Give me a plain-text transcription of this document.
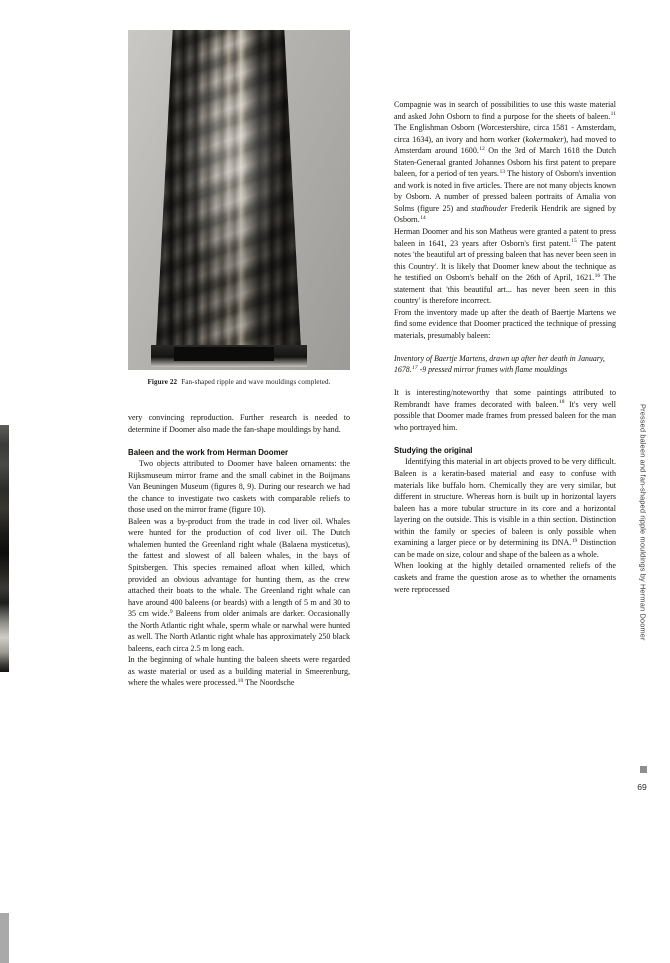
Figure 22 Fan-shaped ripple and wave mouldings completed.

very convincing reproduction. Further research is needed to determine if Doomer also made the fan-shape mouldings by hand.

Baleen and the work from Herman Doomer

Two objects attributed to Doomer have baleen ornaments: the Rijksmuseum mirror frame and the small cabinet in the Boijmans Van Beuningen Museum (figures 8, 9). During our research we had the chance to investigate two caskets with comparable reliefs to those used on the mirror frame (figure 10).

Baleen was a by-product from the trade in cod liver oil. Whales were hunted for the production of cod liver oil. The Dutch whalemen hunted the Greenland right whale (Balaena mysticetus), the fattest and slowest of all baleen whales, in the bays of Spitsbergen. This species remained afloat when killed, which provided an obvious advantage for hunting them, as the crew attached their boats to the whale. The Greenland right whale can have around 400 baleens (or beards) with a length of 5 m and 30 to 35 cm wide.$^9$ Baleens from older animals are darker. Occasionally the North Atlantic right whale, sperm whale or narwhal were hunted as well. The North Atlantic right whale has approximately 250 black baleens, each circa 2.5 m long each.

In the beginning of whale hunting the baleen sheets were regarded as waste material or used as a building material in Smeerenburg, where the whales were processed.$^{10}$ The Noordsche

Compagnie was in search of possibilities to use this waste material and asked John Osborn to find a purpose for the sheets of baleen.$^{11}$ The Englishman Osborn (Worcestershire, circa 1581 - Amsterdam, circa 1634), an ivory and horn worker (kokermaker), had moved to Amsterdam around 1600.12 On the 3rd of March 1618 the Dutch Staten-Generaal granted Johannes Osborn his first patent to prepare baleen, for a period of ten years.$^{13}$ The history of Osborn's invention and work is noted in five articles. There are not many objects known by Osborn. A number of pressed baleen portraits of Amalia von Solms (figure 25) and stadhouder Frederik Hendrik are signed by Osborn.$^{14}$

Herman Doomer and his son Matheus were granted a patent to press baleen in 1641, 23 years after Osborn's first patent.$^{15}$ The patent notes 'the beautiful art of pressing baleen that has never been seen in this Country'. It is likely that Doomer knew about the technique as he testified on Osborn's behalf on the 26th of April, 1621.16 The statement that 'this beautiful art... has never been seen in this country' is therefore incorrect.

From the inventory made up after the death of Baertje Martens we find some evidence that Doomer practiced the technique of pressing materials, presumably baleen:

Inventory of Baertje Martens, drawn up after her death in January, 1678.17 -9 pressed mirror frames with flame mouldings

It is interesting/noteworthy that some paintings attributed to Rembrandt have frames decorated with baleen.$^{18}$ It's very well possible that Doomer made frames from pressed baleen for the man who portrayed him.

Studying the original

Identifying this material in art objects proved to be very difficult. Baleen is a keratin-based material and easy to confuse with materials like buffalo horn. Chemically they are very similar, but different in structure. Whereas horn is built up in horizontal layers baleen has a more tubular structure in its core and a horizontal layering on the outside. This is visible in a thin section. Distinction within the family or species of baleen is only possible when examining a larger piece or by determining its DNA.$^{19}$ Distinction can be made on size, colour and shape of the baleen as a whole.

When looking at the highly detailed ornamented reliefs of the caskets and frame the question arose as to whether the ornaments were reprocessed	Pressed baleen and fan-shaped ripple mouldings by Herman Doomer
69
